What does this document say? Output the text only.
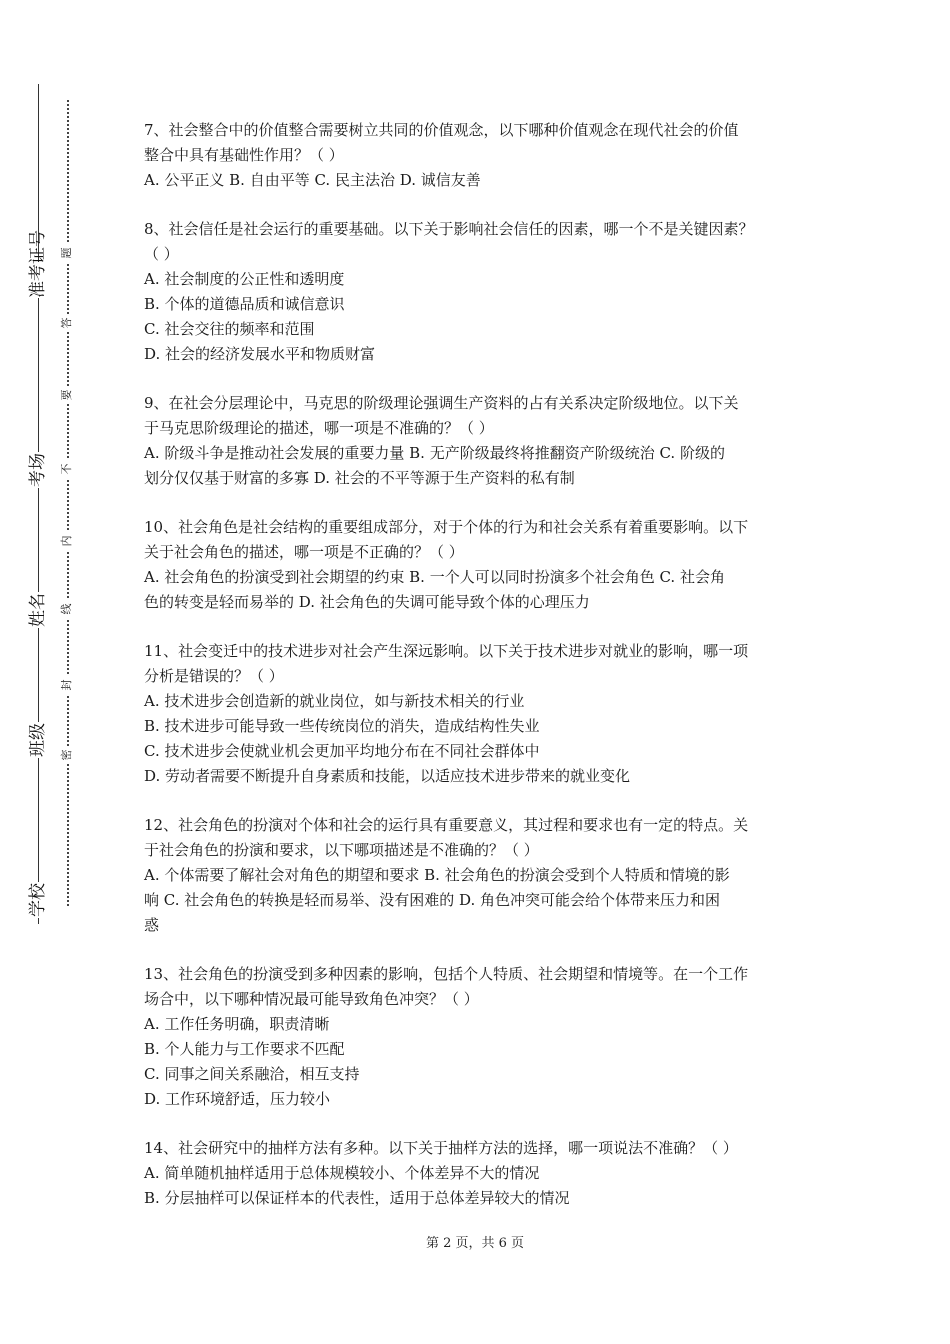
准考证号
考场
姓名
班级
学校
题
答
要
不
内
线
封
密

7、社会整合中的价值整合需要树立共同的价值观念，以下哪种价值观念在现代社会的价值

整合中具有基础性作用？（ ）

A. 公平正义 B. 自由平等 C. 民主法治 D. 诚信友善

8、社会信任是社会运行的重要基础。以下关于影响社会信任的因素，哪一个不是关键因素？

（ ）

A. 社会制度的公正性和透明度

B. 个体的道德品质和诚信意识

C. 社会交往的频率和范围

D. 社会的经济发展水平和物质财富

9、在社会分层理论中，马克思的阶级理论强调生产资料的占有关系决定阶级地位。以下关

于马克思阶级理论的描述，哪一项是不准确的？（ ）

A. 阶级斗争是推动社会发展的重要力量 B. 无产阶级最终将推翻资产阶级统治 C. 阶级的

划分仅仅基于财富的多寡 D. 社会的不平等源于生产资料的私有制

10、社会角色是社会结构的重要组成部分，对于个体的行为和社会关系有着重要影响。以下

关于社会角色的描述，哪一项是不正确的？（ ）

A. 社会角色的扮演受到社会期望的约束 B. 一个人可以同时扮演多个社会角色 C. 社会角

色的转变是轻而易举的 D. 社会角色的失调可能导致个体的心理压力

11、社会变迁中的技术进步对社会产生深远影响。以下关于技术进步对就业的影响，哪一项

分析是错误的？（ ）

A. 技术进步会创造新的就业岗位，如与新技术相关的行业

B. 技术进步可能导致一些传统岗位的消失，造成结构性失业

C. 技术进步会使就业机会更加平均地分布在不同社会群体中

D. 劳动者需要不断提升自身素质和技能，以适应技术进步带来的就业变化

12、社会角色的扮演对个体和社会的运行具有重要意义，其过程和要求也有一定的特点。关

于社会角色的扮演和要求，以下哪项描述是不准确的？（ ）

A. 个体需要了解社会对角色的期望和要求 B. 社会角色的扮演会受到个人特质和情境的影

响 C. 社会角色的转换是轻而易举、没有困难的 D. 角色冲突可能会给个体带来压力和困

惑

13、社会角色的扮演受到多种因素的影响，包括个人特质、社会期望和情境等。在一个工作

场合中，以下哪种情况最可能导致角色冲突？（ ）

A. 工作任务明确，职责清晰

B. 个人能力与工作要求不匹配

C. 同事之间关系融洽，相互支持

D. 工作环境舒适，压力较小

14、社会研究中的抽样方法有多种。以下关于抽样方法的选择，哪一项说法不准确？（ ）

A. 简单随机抽样适用于总体规模较小、个体差异不大的情况

B. 分层抽样可以保证样本的代表性，适用于总体差异较大的情况

第 2 页，共 6 页
